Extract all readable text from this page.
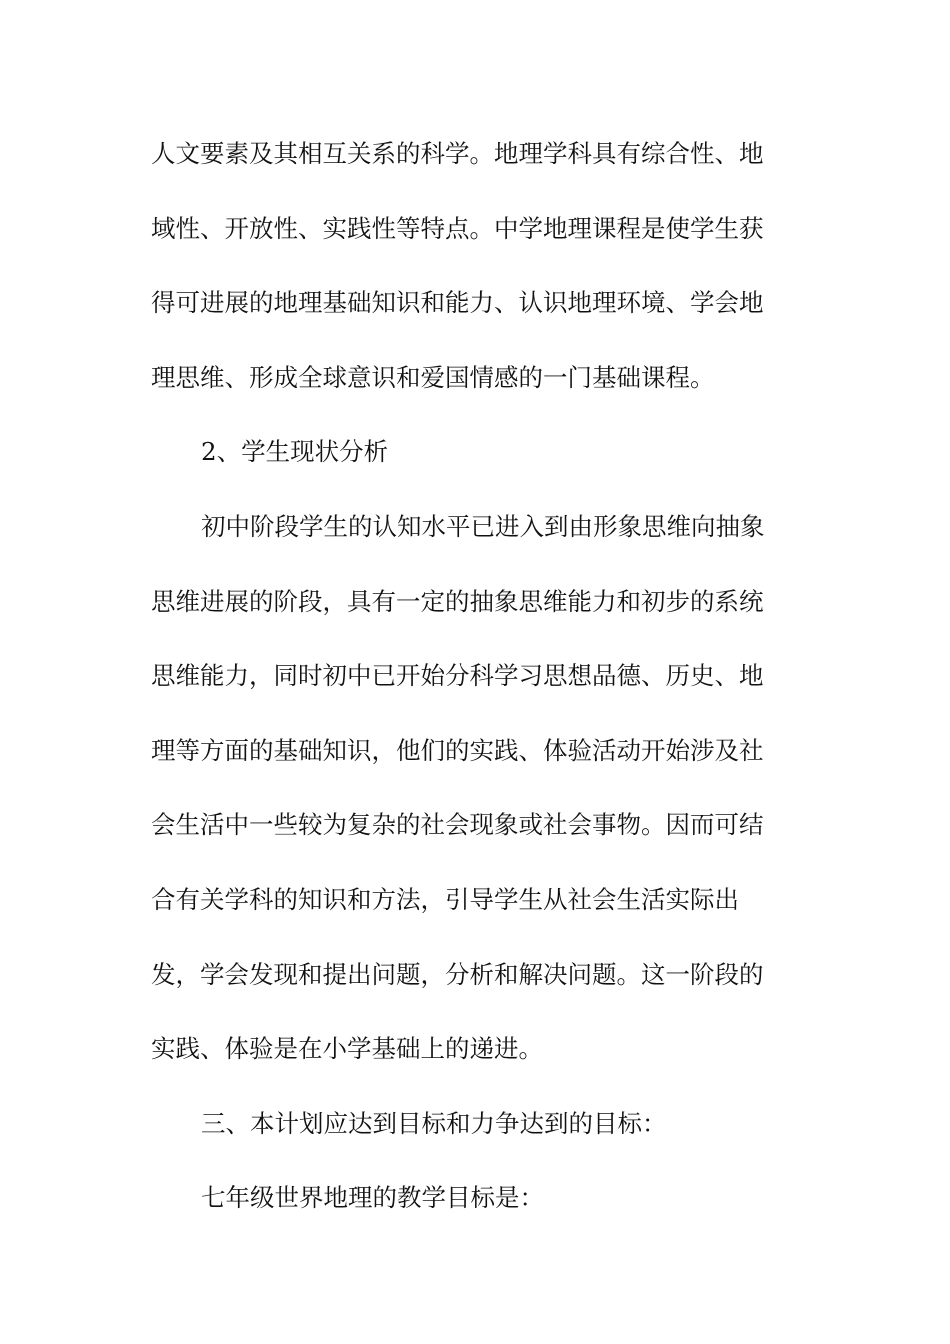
人文要素及其相互关系的科学。地理学科具有综合性、地
域性、开放性、实践性等特点。中学地理课程是使学生获
得可进展的地理基础知识和能力、认识地理环境、学会地
理思维、形成全球意识和爱国情感的一门基础课程。
2、学生现状分析
初中阶段学生的认知水平已进入到由形象思维向抽象
思维进展的阶段，具有一定的抽象思维能力和初步的系统
思维能力，同时初中已开始分科学习思想品德、历史、地
理等方面的基础知识，他们的实践、体验活动开始涉及社
会生活中一些较为复杂的社会现象或社会事物。因而可结
合有关学科的知识和方法，引导学生从社会生活实际出
发，学会发现和提出问题，分析和解决问题。这一阶段的
实践、体验是在小学基础上的递进。
三、本计划应达到目标和力争达到的目标：
七年级世界地理的教学目标是：
